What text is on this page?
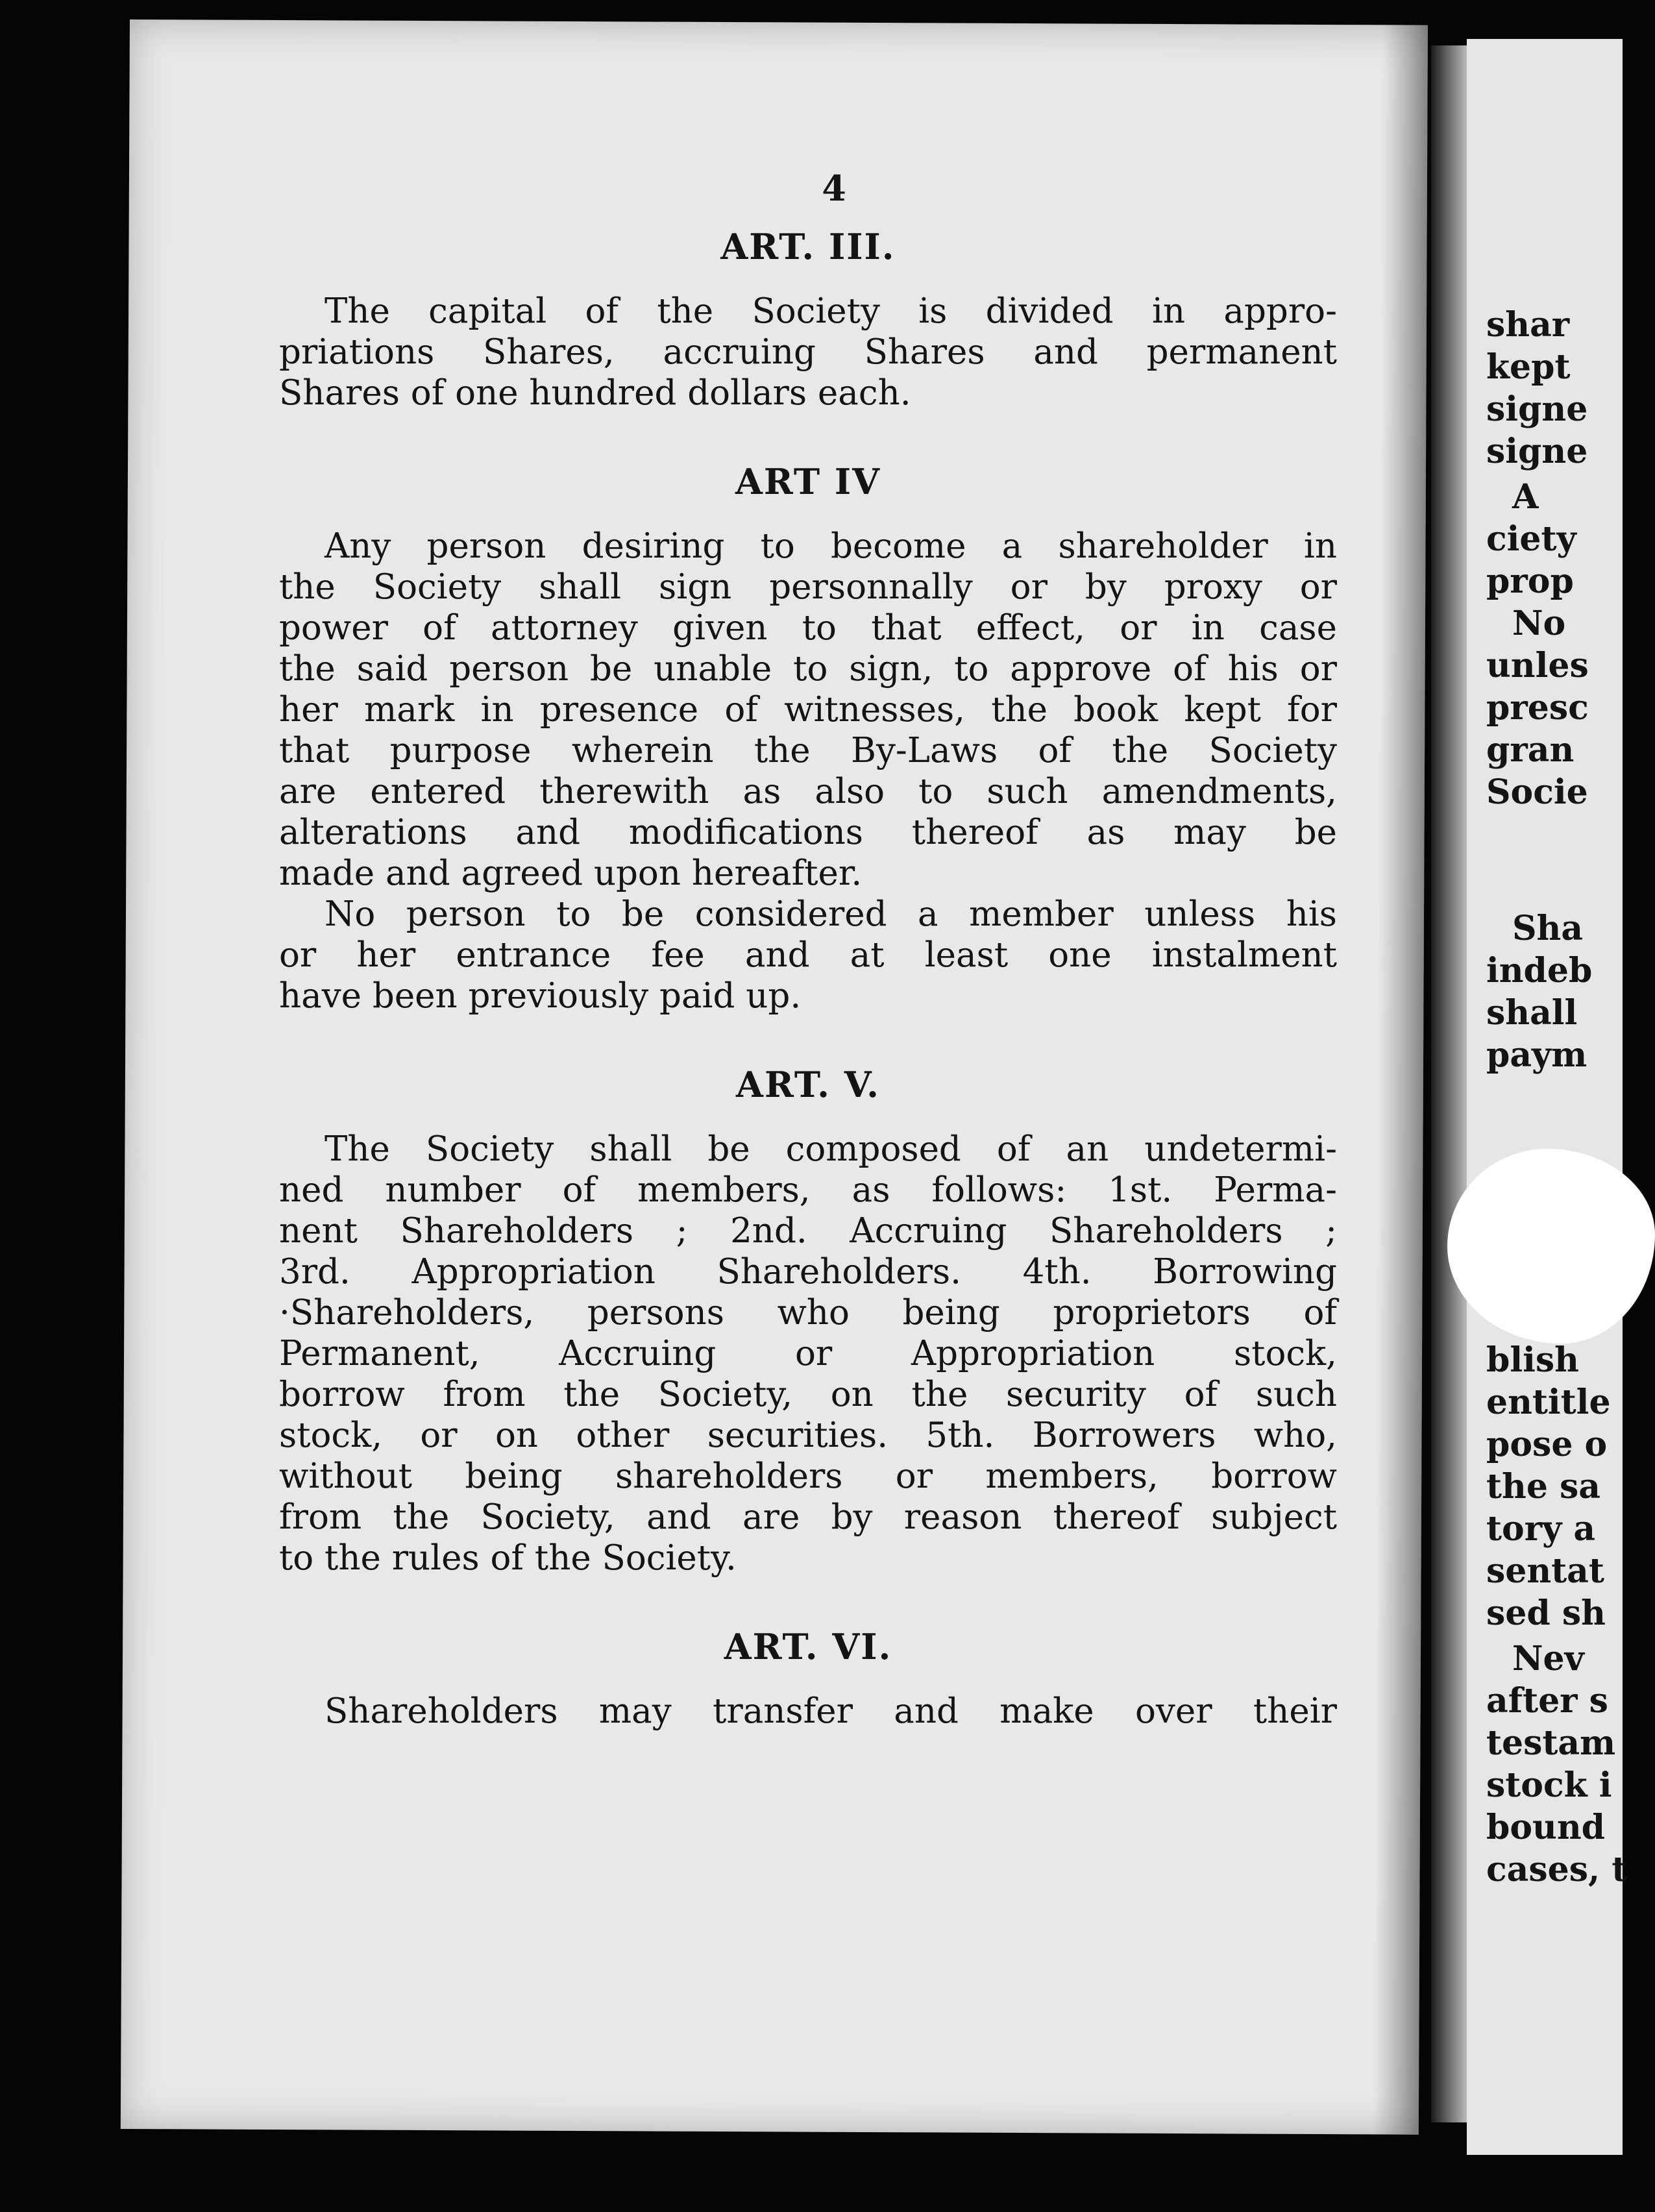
4
ART. III.
The capital of the Society is divided in appro-
priations Shares, accruing Shares and permanent
Shares of one hundred dollars each.
ART IV
Any person desiring to become a shareholder in
the Society shall sign personnally or by proxy or
power of attorney given to that effect, or in case
the said person be unable to sign, to approve of his or
her mark in presence of witnesses, the book kept for
that purpose wherein the By-Laws of the Society
are entered therewith as also to such amendments,
alterations and modifications thereof as may be
made and agreed upon hereafter.
No person to be considered a member unless his
or her entrance fee and at least one instalment
have been previously paid up.
ART. V.
The Society shall be composed of an undetermi-
ned number of members, as follows: 1st. Perma-
nent Shareholders ; 2nd. Accruing Shareholders ;
3rd. Appropriation Shareholders. 4th. Borrowing
·Shareholders, persons who being proprietors of
Permanent, Accruing or Appropriation stock,
borrow from the Society, on the security of such
stock, or on other securities. 5th. Borrowers who,
without being shareholders or members, borrow
from the Society, and are by reason thereof subject
to the rules of the Society.
ART. VI.
Shareholders may transfer and make over their
shar
kept
signe
signe
A
ciety
prop
No
unles
presc
gran
Socie
Sha
indeb
shall
paym
blish
entitle
pose o
the sa
tory a
sentat
sed sh
Nev
after s
testam
stock i
bound
cases, t
